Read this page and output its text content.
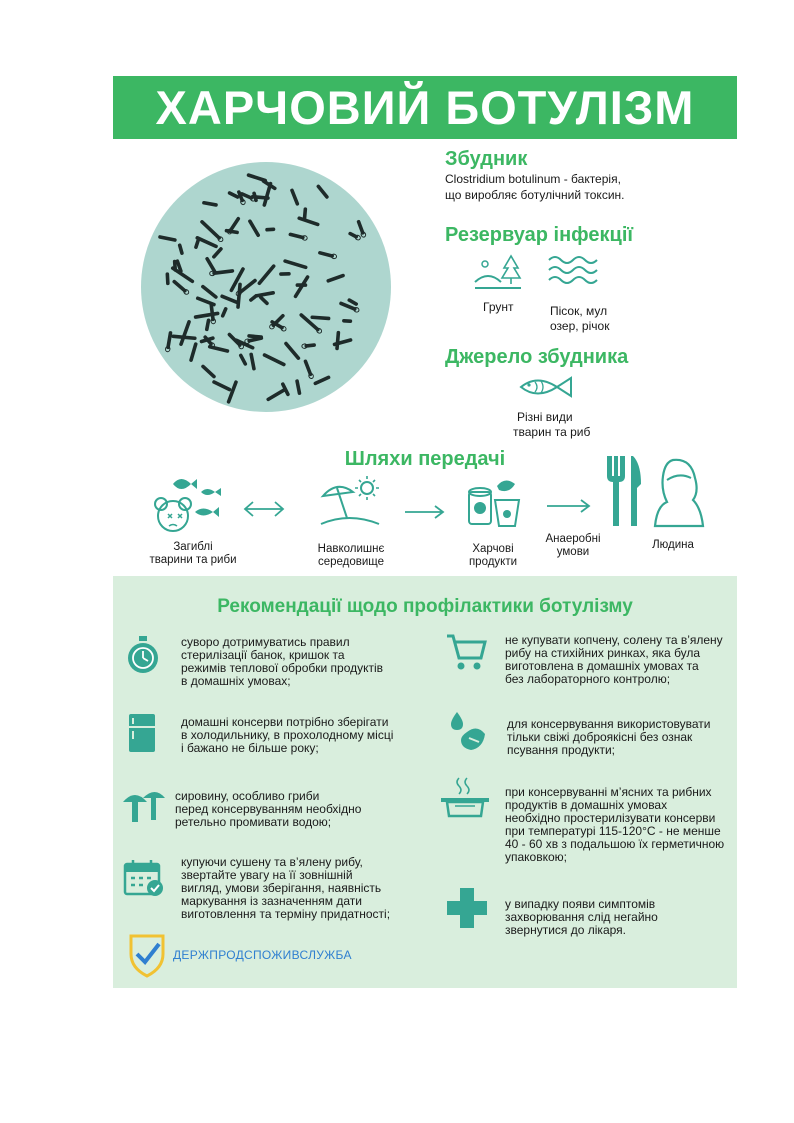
ХАРЧОВИЙ БОТУЛІЗМ
Збудник
Clostridium botulinum - бактерія,
що виробляє ботулічний токсин.
Резервуар інфекції
Грунт	Пісок, мул
озер, річок
Джерело збудника
Різні види
тварин та риб
Шляхи передачі
Загиблі
тварини та риби
Навколишнє
середовище
Харчові
продукти
Анаеробні
умови
Людина
Рекомендації щодо профілактики ботулізму
суворо дотримуватись правил
стерилізації банок, кришок та
режимів теплової обробки продуктів
в домашніх умовах;
домашні консерви потрібно зберігати
в холодильнику, в прохолодному місці
і бажано не більше року;
сировину, особливо гриби
перед консервуванням необхідно
ретельно промивати водою;
купуючи сушену та в’ялену рибу,
звертайте увагу на її зовнішній
вигляд, умови зберігання, наявність
маркування із зазначенням дати
виготовлення та терміну придатності;
не купувати копчену, солену та в’ялену
рибу на стихійних ринках, яка була
виготовлена в домашніх умовах та
без лабораторного контролю;
для консервування використовувати
тільки свіжі доброякісні без ознак
псування продукти;
при консервуванні м’ясних та рибних
продуктів в домашніх умовах
необхідно простерилізувати консерви
при температурі 115-120°С - не менше
40 - 60 хв з подальшою їх герметичною
упаковкою;
у випадку появи симптомів
захворювання слід негайно
звернутися до лікаря.
ДЕРЖПРОДСПОЖИВСЛУЖБА
